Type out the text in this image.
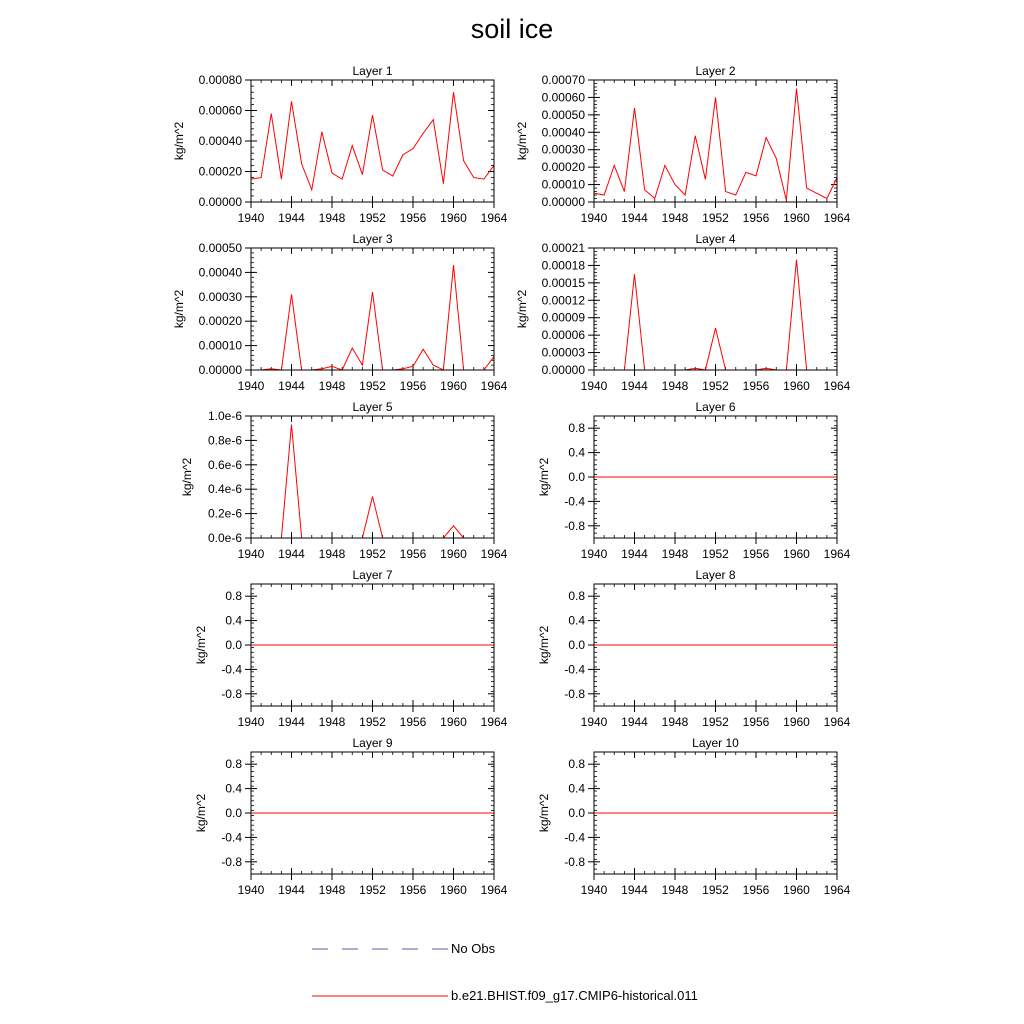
soil ice
Layer 1
kg/m^2
0.00000
0.00020
0.00040
0.00060
0.00080
1940 1944 1948 1952 1956 1960 1964
Layer 2
kg/m^2
0.00000
0.00010
0.00020
0.00030
0.00040
0.00050
0.00060
0.00070
1940 1944 1948 1952 1956 1960 1964
Layer 3
kg/m^2
0.00000
0.00010
0.00020
0.00030
0.00040
0.00050
1940 1944 1948 1952 1956 1960 1964
Layer 4
kg/m^2
0.00000
0.00003
0.00006
0.00009
0.00012
0.00015
0.00018
0.00021
1940 1944 1948 1952 1956 1960 1964
Layer 5
kg/m^2
0.0e-6
0.2e-6
0.4e-6
0.6e-6
0.8e-6
1.0e-6
1940 1944 1948 1952 1956 1960 1964
Layer 6
kg/m^2
-0.8
-0.4
0.0
0.4
0.8
1940 1944 1948 1952 1956 1960 1964
Layer 7
kg/m^2
-0.8
-0.4
0.0
0.4
0.8
1940 1944 1948 1952 1956 1960 1964
Layer 8
kg/m^2
-0.8
-0.4
0.0
0.4
0.8
1940 1944 1948 1952 1956 1960 1964
Layer 9
kg/m^2
-0.8
-0.4
0.0
0.4
0.8
1940 1944 1948 1952 1956 1960 1964
Layer 10
kg/m^2
-0.8
-0.4
0.0
0.4
0.8
1940 1944 1948 1952 1956 1960 1964
No Obs
b.e21.BHIST.f09_g17.CMIP6-historical.011
